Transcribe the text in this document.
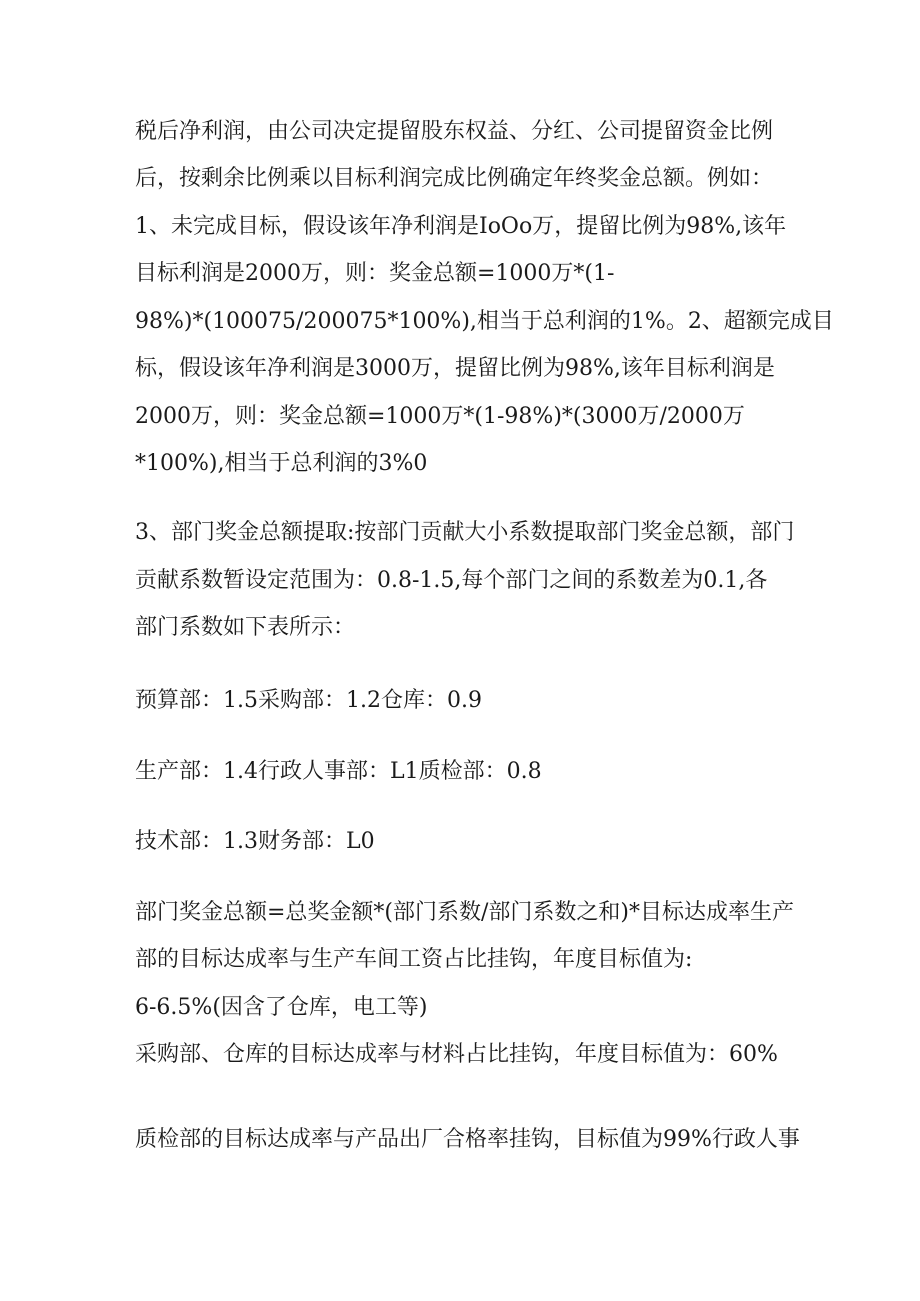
税后净利润，由公司决定提留股东权益、分红、公司提留资金比例

后，按剩余比例乘以目标利润完成比例确定年终奖金总额。例如：

1、未完成目标，假设该年净利润是IoOo万，提留比例为98%,该年

目标利润是2000万，则：奖金总额=1000万*(1-

98%)*(100075/200075*100%),相当于总利润的1%。2、超额完成目

标，假设该年净利润是3000万，提留比例为98%,该年目标利润是

2000万，则：奖金总额=1000万*(1-98%)*(3000万/2000万

*100%),相当于总利润的3%0

3、部门奖金总额提取:按部门贡献大小系数提取部门奖金总额，部门

贡献系数暂设定范围为：0.8-1.5,每个部门之间的系数差为0.1,各

部门系数如下表所示：

预算部：1.5采购部：1.2仓库：0.9

生产部：1.4行政人事部：L1质检部：0.8

技术部：1.3财务部：L0

部门奖金总额=总奖金额*(部门系数/部门系数之和)*目标达成率生产

部的目标达成率与生产车间工资占比挂钩，年度目标值为:

6-6.5%(因含了仓库，电工等)

采购部、仓库的目标达成率与材料占比挂钩，年度目标值为：60%

质检部的目标达成率与产品出厂合格率挂钩，目标值为99%行政人事
